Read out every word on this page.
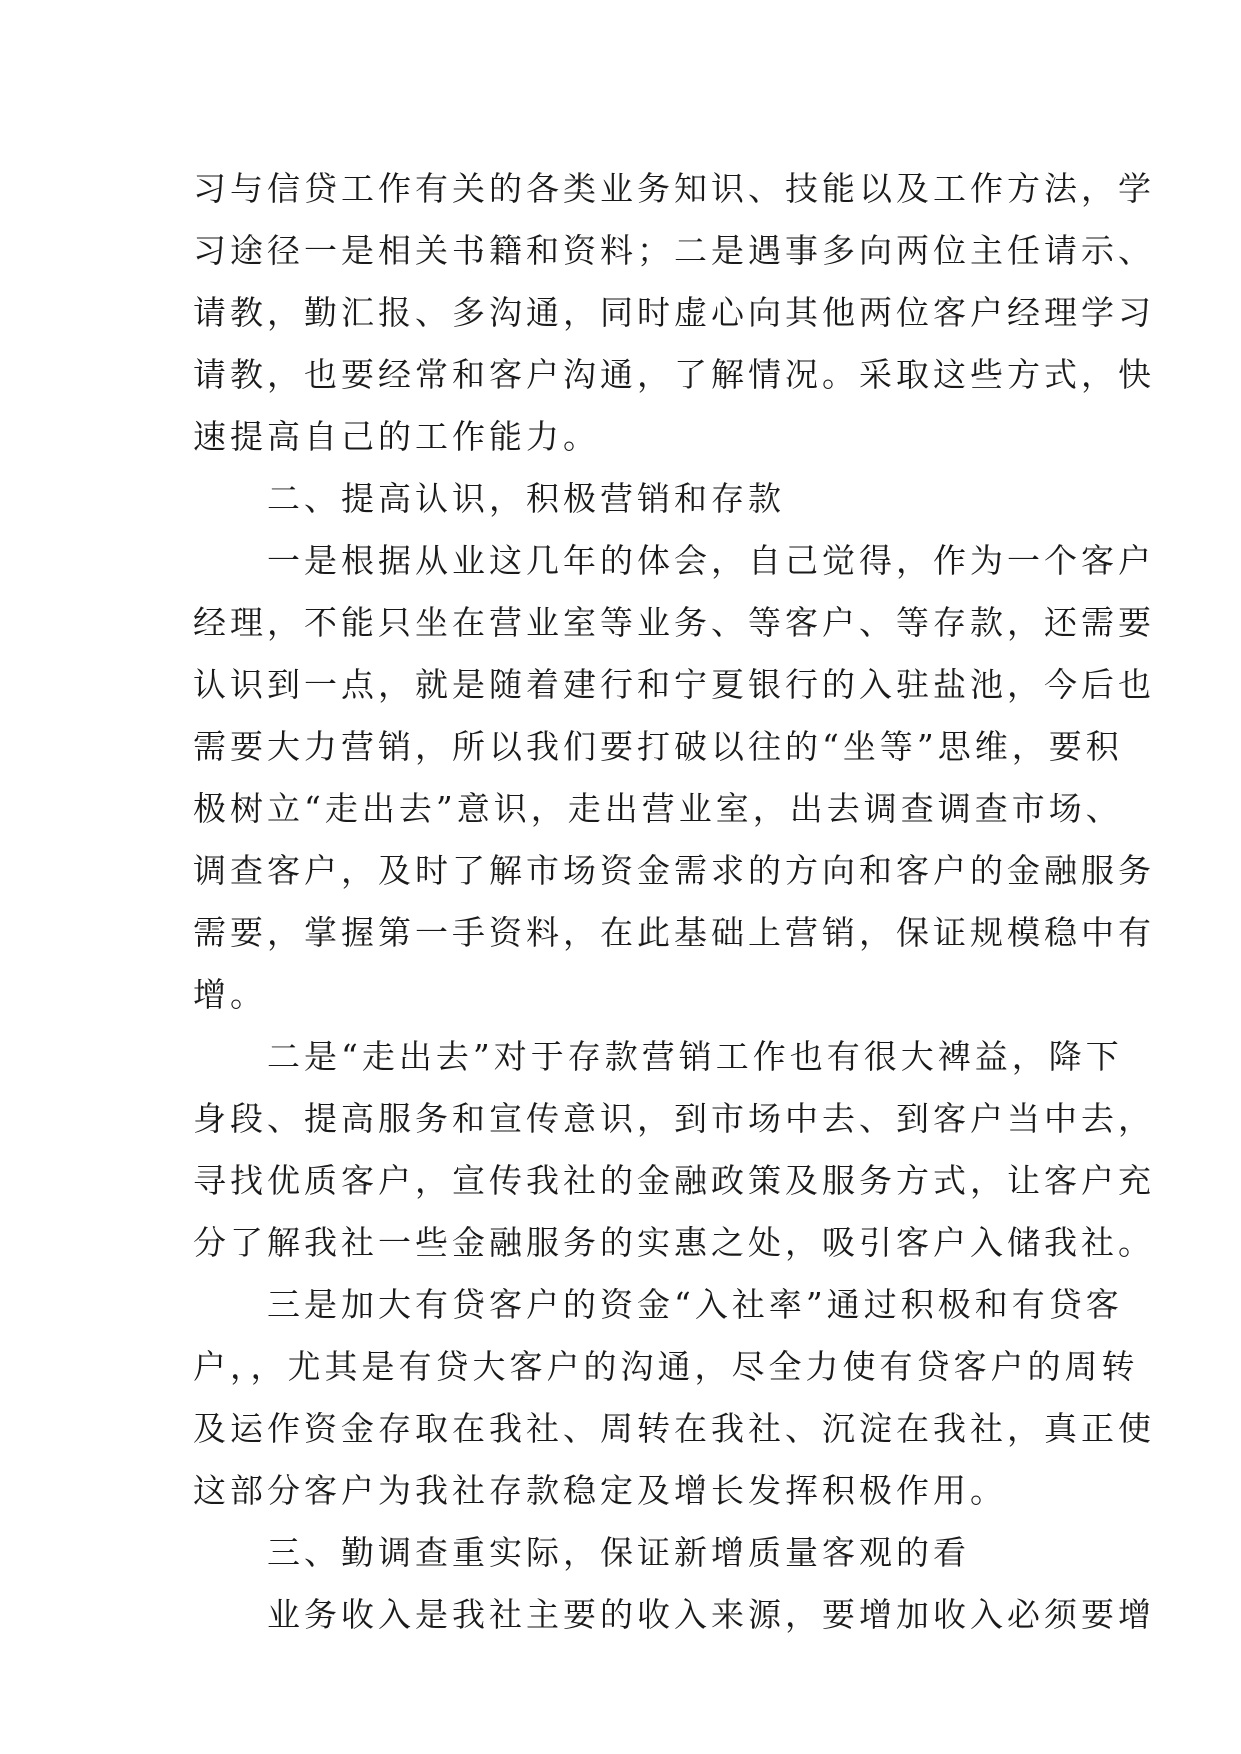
习与信贷工作有关的各类业务知识、技能以及工作方法，学
习途径一是相关书籍和资料；二是遇事多向两位主任请示、
请教，勤汇报、多沟通，同时虚心向其他两位客户经理学习
请教，也要经常和客户沟通，了解情况。采取这些方式，快
速提高自己的工作能力。
　　二、提高认识，积极营销和存款
　　一是根据从业这几年的体会，自己觉得，作为一个客户
经理，不能只坐在营业室等业务、等客户、等存款，还需要
认识到一点，就是随着建行和宁夏银行的入驻盐池，今后也
需要大力营销，所以我们要打破以往的“坐等”思维，要积
极树立“走出去”意识，走出营业室，出去调查调查市场、
调查客户，及时了解市场资金需求的方向和客户的金融服务
需要，掌握第一手资料，在此基础上营销，保证规模稳中有
增。
　　二是“走出去”对于存款营销工作也有很大裨益，降下
身段、提高服务和宣传意识，到市场中去、到客户当中去，
寻找优质客户，宣传我社的金融政策及服务方式，让客户充
分了解我社一些金融服务的实惠之处，吸引客户入储我社。
　　三是加大有贷客户的资金“入社率”通过积极和有贷客
户，，尤其是有贷大客户的沟通，尽全力使有贷客户的周转
及运作资金存取在我社、周转在我社、沉淀在我社，真正使
这部分客户为我社存款稳定及增长发挥积极作用。
　　三、勤调查重实际，保证新增质量客观的看
　　业务收入是我社主要的收入来源，要增加收入必须要增
